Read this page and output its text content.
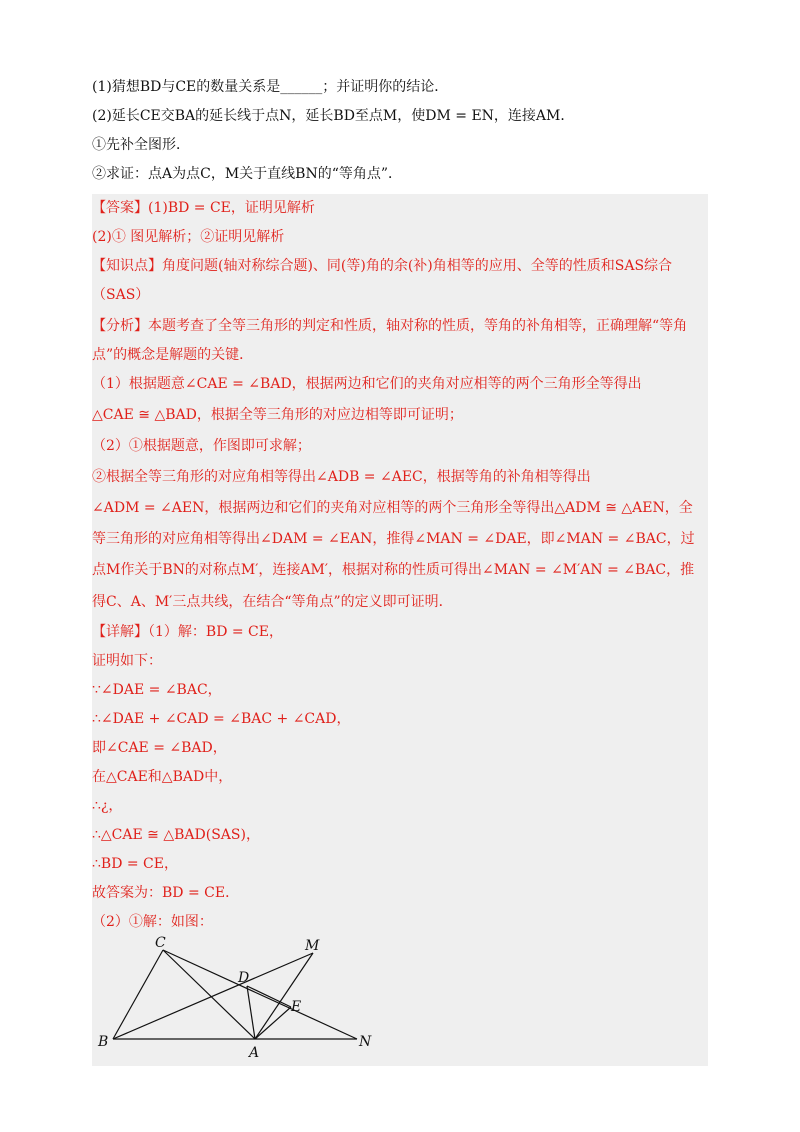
(1)猜想BD与CE的数量关系是______；并证明你的结论．
(2)延长CE交BA的延长线于点N，延长BD至点M，使DM = EN，连接AM．
①先补全图形．
②求证：点A为点C，M关于直线BN的“等角点”．
【答案】(1)BD = CE，证明见解析
(2)① 图见解析；②证明见解析
【知识点】角度问题(轴对称综合题)、同(等)角的余(补)角相等的应用、全等的性质和SAS综合
（SAS）
【分析】本题考查了全等三角形的判定和性质，轴对称的性质，等角的补角相等，正确理解“等角
点”的概念是解题的关键．
（1）根据题意∠CAE = ∠BAD，根据两边和它们的夹角对应相等的两个三角形全等得出
△CAE ≅ △BAD，根据全等三角形的对应边相等即可证明；
（2）①根据题意，作图即可求解；
②根据全等三角形的对应角相等得出∠ADB = ∠AEC，根据等角的补角相等得出
∠ADM = ∠AEN，根据两边和它们的夹角对应相等的两个三角形全等得出△ADM ≅ △AEN，全
等三角形的对应角相等得出∠DAM = ∠EAN，推得∠MAN = ∠DAE，即∠MAN = ∠BAC，过
点M作关于BN的对称点M′，连接AM′，根据对称的性质可得出∠MAN = ∠M′AN = ∠BAC，推
得C、A、M′三点共线，在结合“等角点”的定义即可证明．
【详解】（1）解：BD = CE，
证明如下：
∵∠DAE = ∠BAC，
∴∠DAE + ∠CAD = ∠BAC + ∠CAD，
即∠CAE = ∠BAD，
在△CAE和△BAD中，
∴¿，
∴△CAE ≅ △BAD(SAS)，
∴BD = CE，
故答案为：BD = CE．
（2）①解：如图：
C	M
D
E
B
A
N
